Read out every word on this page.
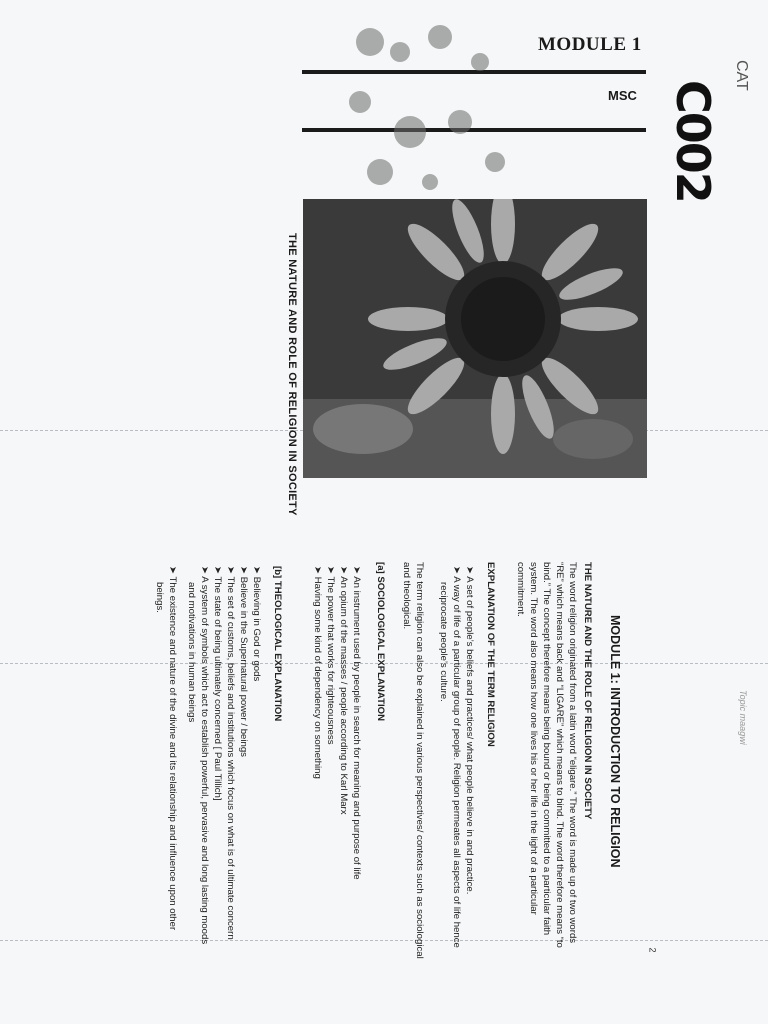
MODULE 1
MSC C002
CAT
THE NATURE AND ROLE OF RELIGION IN SOCIETY
MODULE 1: INTRODUCTION TO RELIGION
THE NATURE AND THE ROLE OF RELIGION IN SOCIETY
The word religion originated from a latin word “eligare.” The word is made up of two words
“RE” which means back and “LIGARE” which means to bind. The word therefore means “to
bind.” The concept therefore means being bound or being committed to a particular faith
system. The word also means how one lives his or her life in the light of a particular
commitment.
EXPLANATION OF THE TERM RELIGION
➤ A set of people’s beliefs and practices/ what people believe in and practice.
➤ A way of life of a particular group of people. Religion permeates all aspects of life hence
reciprocate people’s culture.
The term religion can also be explained in various perspectives/ contexts such as sociological
and theological.
[a] SOCIOLOGICAL EXPLANATION
➤ An instrument used by people in search for meaning and purpose of life
➤ An opium of the masses / people according to Karl Marx
➤ The power that works for righteousness
➤ Having some kind of dependency on something
[b] THEOLOGICAL EXPLANATION
➤ Believing in God or gods
➤ Believe in the Supernatural power / beings
➤ The set of customs, beliefs and institutions which focus on what is of ultimate concern
➤ The state of being ultimately concerned [ Paul Tillich]
➤ A system of symbols which act to establish powerful, pervasive and long lasting moods
and motivations in human beings
➤ The existence and nature of the divine and its relationship and influence upon other
beings.
2
Topic maagwi
